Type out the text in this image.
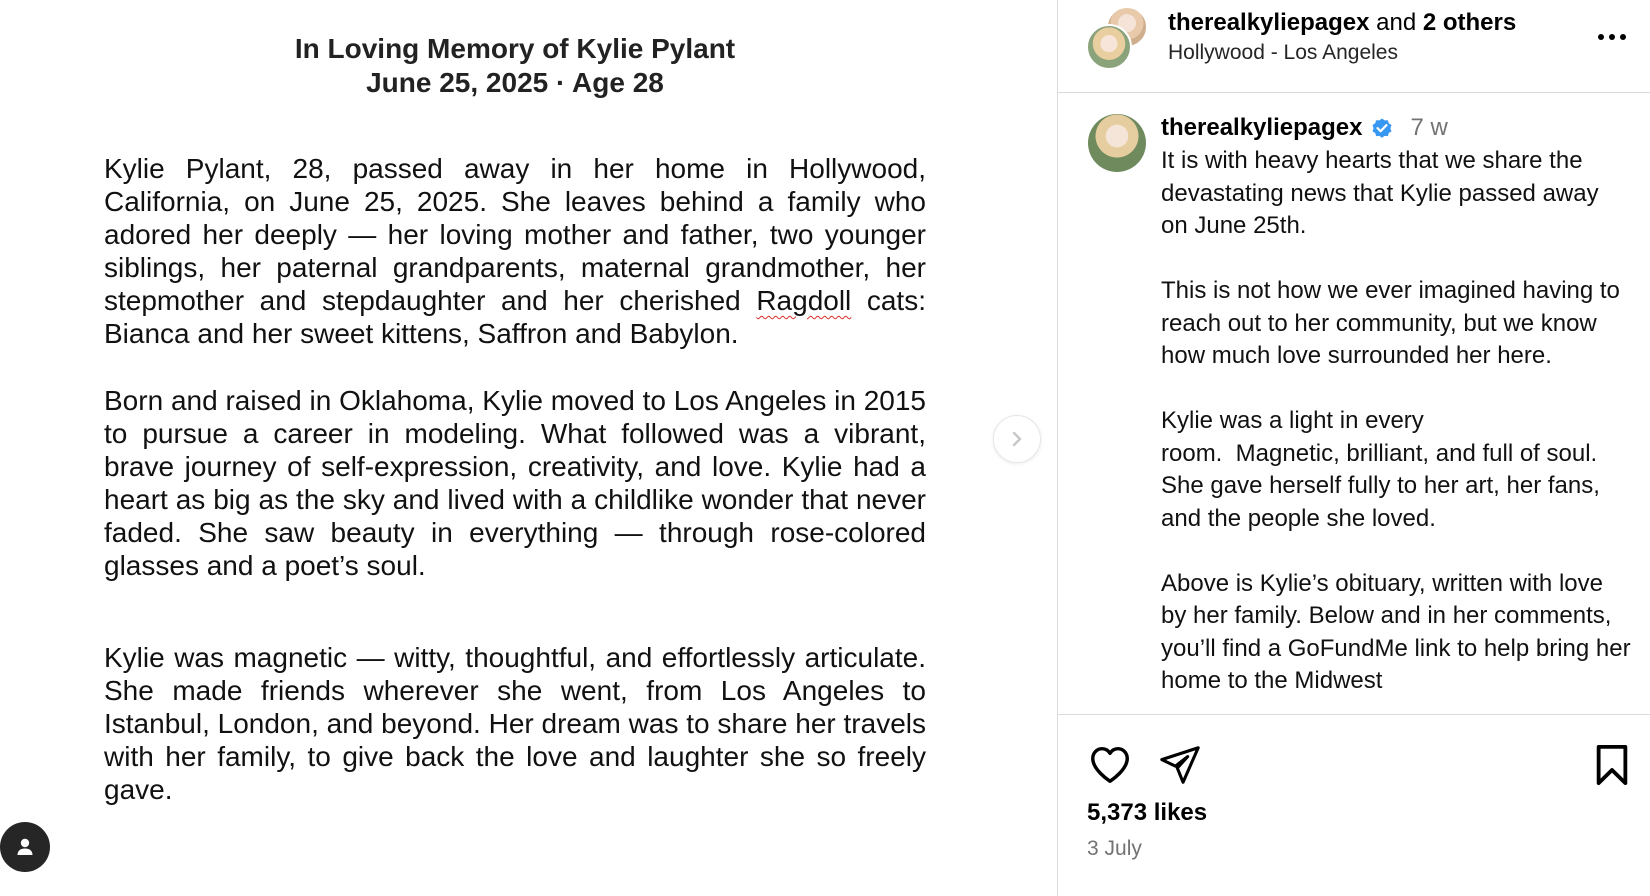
In Loving Memory of Kylie Pylant
June 25, 2025 · Age 28

Kylie Pylant, 28, passed away in her home in Hollywood, California, on June 25, 2025. She leaves behind a family who adored her deeply — her loving mother and father, two younger siblings, her paternal grandparents, maternal grandmother, her stepmother and stepdaughter and her cherished Ragdoll cats: Bianca and her sweet kittens, Saffron and Babylon.

Born and raised in Oklahoma, Kylie moved to Los Angeles in 2015 to pursue a career in modeling. What followed was a vibrant, brave journey of self-expression, creativity, and love. Kylie had a heart as big as the sky and lived with a childlike wonder that never faded. She saw beauty in everything — through rose-colored glasses and a poet’s soul.

Kylie was magnetic — witty, thoughtful, and effortlessly articulate. She made friends wherever she went, from Los Angeles to Istanbul, London, and beyond. Her dream was to share her travels with her family, to give back the love and laughter she so freely gave.

therealkyliepagex and 2 others
Hollywood - Los Angeles
therealkyliepagex 7 w
It is with heavy hearts that we share the devastating news that Kylie passed away on June 25th.

This is not how we ever imagined having to reach out to her community, but we know how much love surrounded her here.

Kylie was a light in every
room.  Magnetic, brilliant, and full of soul. She gave herself fully to her art, her fans, and the people she loved.

Above is Kylie’s obituary, written with love by her family. Below and in her comments, you’ll find a GoFundMe link to help bring her home to the Midwest
5,373 likes
3 July
